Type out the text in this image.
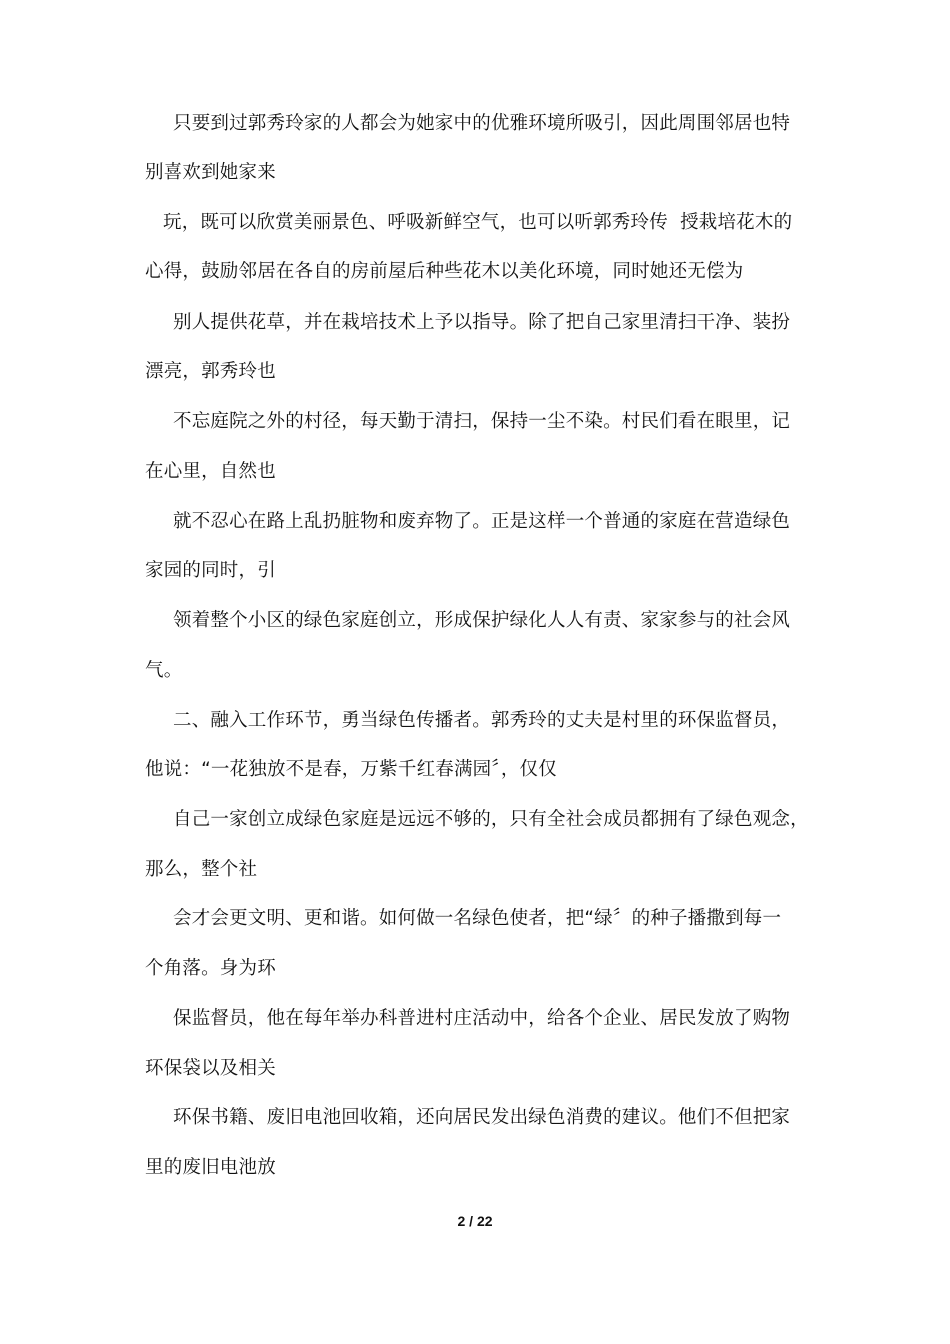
只要到过郭秀玲家的人都会为她家中的优雅环境所吸引，因此周围邻居也特
别喜欢到她家来
玩，既可以欣赏美丽景色、呼吸新鲜空气，也可以听郭秀玲传  授栽培花木的
心得，鼓励邻居在各自的房前屋后种些花木以美化环境，同时她还无偿为
别人提供花草，并在栽培技术上予以指导。除了把自己家里清扫干净、装扮
漂亮，郭秀玲也
不忘庭院之外的村径，每天勤于清扫，保持一尘不染。村民们看在眼里，记
在心里，自然也
就不忍心在路上乱扔脏物和废弃物了。正是这样一个普通的家庭在营造绿色
家园的同时，引
领着整个小区的绿色家庭创立，形成保护绿化人人有责、家家参与的社会风
气。
二、融入工作环节，勇当绿色传播者。郭秀玲的丈夫是村里的环保监督员，
他说：“一花独放不是春，万紫千红春满园〞，仅仅
自己一家创立成绿色家庭是远远不够的，只有全社会成员都拥有了绿色观念，
那么，整个社
会才会更文明、更和谐。如何做一名绿色使者，把“绿〞的种子播撒到每一
个角落。身为环
保监督员，他在每年举办科普进村庄活动中，给各个企业、居民发放了购物
环保袋以及相关
环保书籍、废旧电池回收箱，还向居民发出绿色消费的建议。他们不但把家
里的废旧电池放
2 / 22
